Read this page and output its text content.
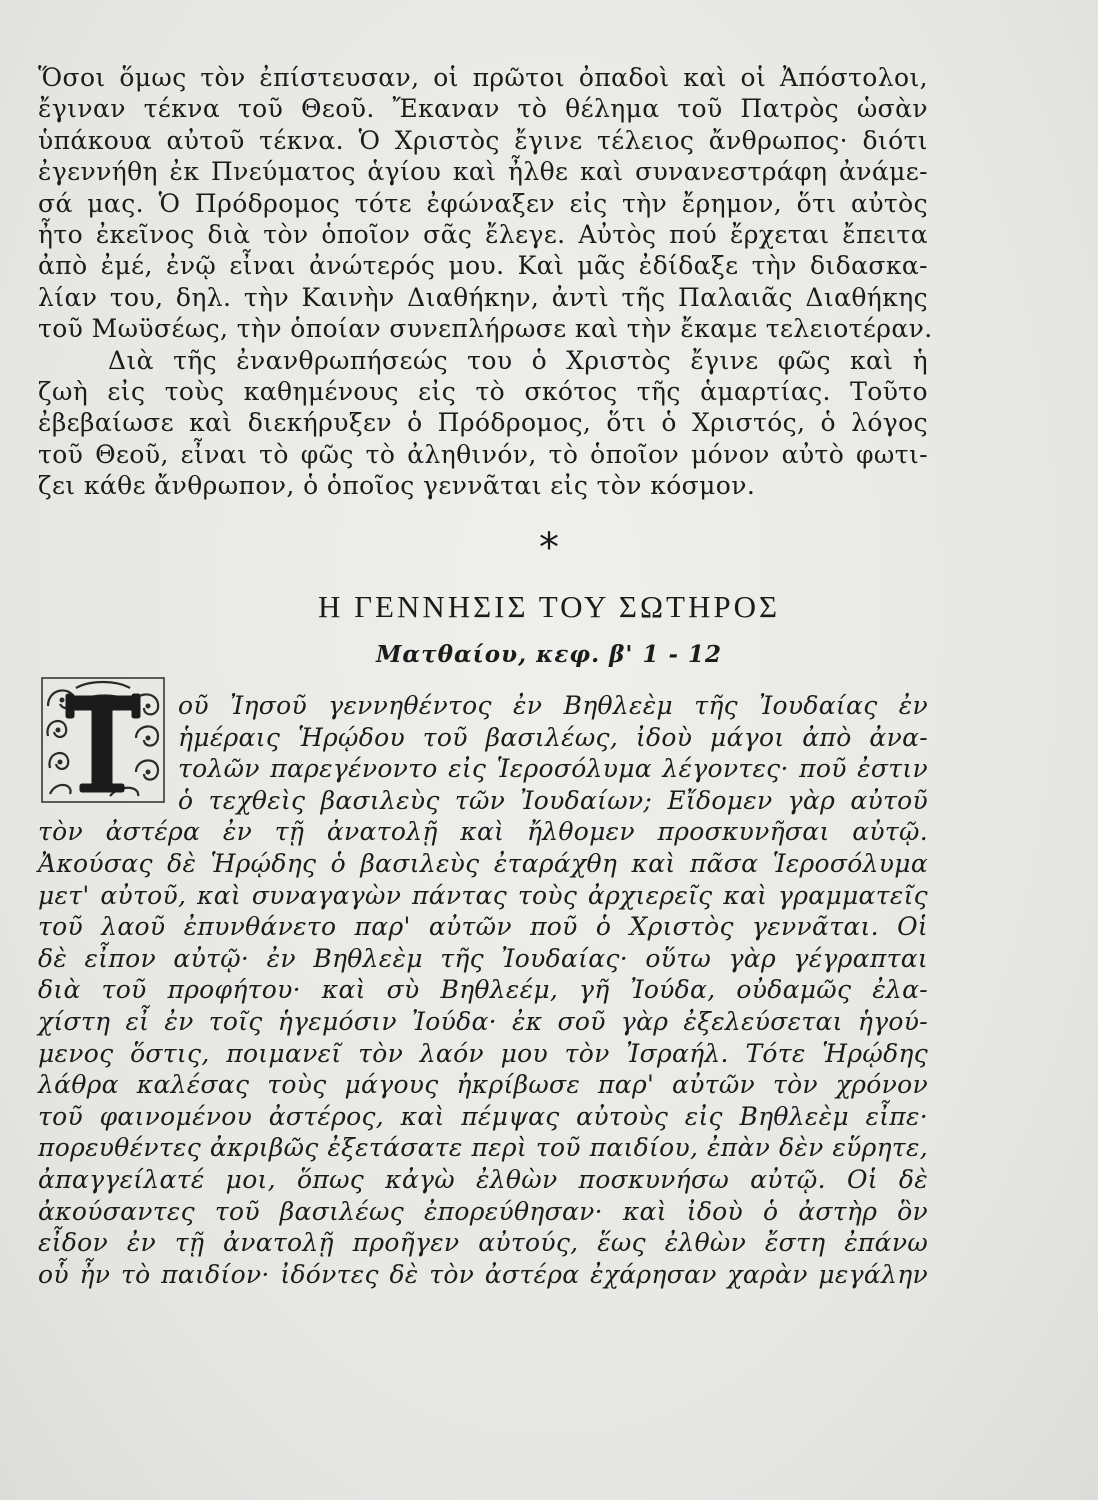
Ὅσοι ὅμως τὸν ἐπίστευσαν, οἱ πρῶτοι ὀπαδοὶ καὶ οἱ Ἀπόστολοι,
ἔγιναν τέκνα τοῦ Θεοῦ. Ἔκαναν τὸ θέλημα τοῦ Πατρὸς ὡσὰν
ὑπάκουα αὐτοῦ τέκνα. Ὁ Χριστὸς ἔγινε τέλειος ἄνθρωπος· διότι
ἐγεννήθη ἐκ Πνεύματος ἁγίου καὶ ἦλθε καὶ συνανεστράφη ἀνάμε-
σά μας. Ὁ Πρόδρομος τότε ἐφώναξεν εἰς τὴν ἔρημον, ὅτι αὐτὸς
ἦτο ἐκεῖνος διὰ τὸν ὁποῖον σᾶς ἔλεγε. Αὐτὸς πού ἔρχεται ἔπειτα
ἀπὸ ἐμέ, ἐνῷ εἶναι ἀνώτερός μου. Καὶ μᾶς ἐδίδαξε τὴν διδασκα-
λίαν του, δηλ. τὴν Καινὴν Διαθήκην, ἀντὶ τῆς Παλαιᾶς Διαθήκης
τοῦ Μωϋσέως, τὴν ὁποίαν συνεπλήρωσε καὶ τὴν ἔκαμε τελειοτέραν.
Διὰ τῆς ἐνανθρωπήσεώς του ὁ Χριστὸς ἔγινε φῶς καὶ ἡ
ζωὴ εἰς τοὺς καθημένους εἰς τὸ σκότος τῆς ἁμαρτίας. Τοῦτο
ἐβεβαίωσε καὶ διεκήρυξεν ὁ Πρόδρομος, ὅτι ὁ Χριστός, ὁ λόγος
τοῦ Θεοῦ, εἶναι τὸ φῶς τὸ ἀληθινόν, τὸ ὁποῖον μόνον αὐτὸ φωτι-
ζει κάθε ἄνθρωπον, ὁ ὁποῖος γεννᾶται εἰς τὸν κόσμον.
*
Η ΓΕΝΝΗΣΙΣ ΤΟΥ ΣΩΤΗΡΟΣ
Ματθαίου, κεφ. β' 1 - 12
οῦ Ἰησοῦ γεννηθέντος ἐν Βηθλεὲμ τῆς Ἰουδαίας ἐν
ἡμέραις Ἡρῴδου τοῦ βασιλέως, ἰδοὺ μάγοι ἀπὸ ἀνα-
τολῶν παρεγένοντο εἰς Ἱεροσόλυμα λέγοντες· ποῦ ἐστιν
ὁ τεχθεὶς βασιλεὺς τῶν Ἰουδαίων; Εἴδομεν γὰρ αὐτοῦ
τὸν ἀστέρα ἐν τῇ ἀνατολῇ καὶ ἤλθομεν προσκυνῆσαι αὐτῷ.
Ἀκούσας δὲ Ἡρῴδης ὁ βασιλεὺς ἐταράχθη καὶ πᾶσα Ἱεροσόλυμα
μετ' αὐτοῦ, καὶ συναγαγὼν πάντας τοὺς ἀρχιερεῖς καὶ γραμματεῖς
τοῦ λαοῦ ἐπυνθάνετο παρ' αὐτῶν ποῦ ὁ Χριστὸς γεννᾶται. Οἱ
δὲ εἶπον αὐτῷ· ἐν Βηθλεὲμ τῆς Ἰουδαίας· οὕτω γὰρ γέγραπται
διὰ τοῦ προφήτου· καὶ σὺ Βηθλεέμ, γῆ Ἰούδα, οὐδαμῶς ἐλα-
χίστη εἶ ἐν τοῖς ἡγεμόσιν Ἰούδα· ἐκ σοῦ γὰρ ἐξελεύσεται ἡγού-
μενος ὅστις, ποιμανεῖ τὸν λαόν μου τὸν Ἰσραήλ. Τότε Ἡρῴδης
λάθρα καλέσας τοὺς μάγους ἠκρίβωσε παρ' αὐτῶν τὸν χρόνον
τοῦ φαινομένου ἀστέρος, καὶ πέμψας αὐτοὺς εἰς Βηθλεὲμ εἶπε·
πορευθέντες ἀκριβῶς ἐξετάσατε περὶ τοῦ παιδίου, ἐπὰν δὲν εὕρητε,
ἀπαγγείλατέ μοι, ὅπως κἀγὼ ἐλθὼν ποσκυνήσω αὐτῷ. Οἱ δὲ
ἀκούσαντες τοῦ βασιλέως ἐπορεύθησαν· καὶ ἰδοὺ ὁ ἀστὴρ ὃν
εἶδον ἐν τῇ ἀνατολῇ προῆγεν αὐτούς, ἕως ἐλθὼν ἔστη ἐπάνω
οὗ ἦν τὸ παιδίον· ἰδόντες δὲ τὸν ἀστέρα ἐχάρησαν χαρὰν μεγάλην
